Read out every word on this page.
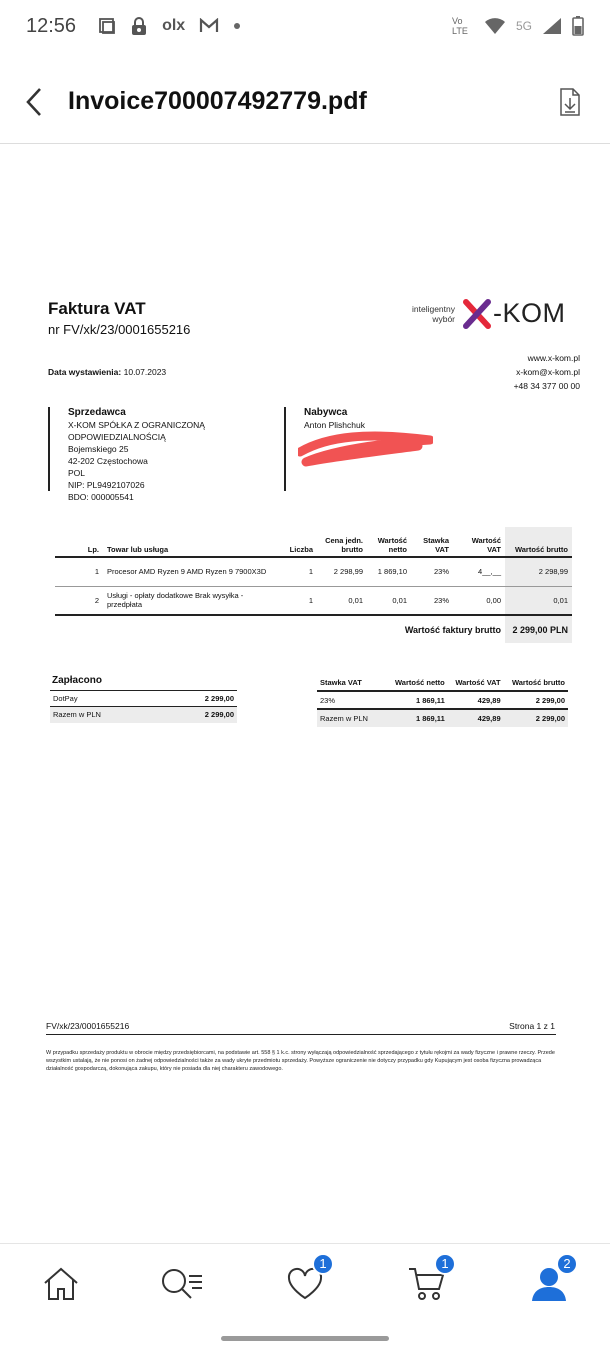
12:56	olx	Vo LTE	5G
Invoice700007492779.pdf
Faktura VAT
nr FV/xk/23/0001655216
Data wystawienia: 10.07.2023
inteligentny
wybór -KOM
www.x-kom.pl
x-kom@x-kom.pl
+48 34 377 00 00
Sprzedawca
X-KOM SPÓŁKA Z OGRANICZONĄ
ODPOWIEDZIALNOŚCIĄ
Bojemskiego 25
42-202 Częstochowa
POL
NIP: PL9492107026
BDO: 000005541
Nabywca
Anton Plishchuk
Lp.	Towar lub usługa	Liczba	Cena jedn. brutto	Wartość netto	Stawka VAT	Wartość VAT	Wartość brutto
1	Procesor AMD Ryzen 9 AMD Ryzen 9 7900X3D	1	2 298,99	1 869,10	23%	4__,__	2 298,99
2	Usługi - opłaty dodatkowe Brak wysyłka - przedpłata	1	0,01	0,01	23%	0,00	0,01
Wartość faktury brutto							2 299,00 PLN
Zapłacono
DotPay	2 299,00
Razem w PLN	2 299,00
Stawka VAT	Wartość netto	Wartość VAT	Wartość brutto
23%	1 869,11	429,89	2 299,00
Razem w PLN	1 869,11	429,89	2 299,00
FV/xk/23/0001655216	Strona 1 z 1
W przypadku sprzedaży produktu w obrocie między przedsiębiorcami, na podstawie art. 558 § 1 k.c. strony wyłączają odpowiedzialność sprzedającego z tytułu rękojmi za wady fizyczne i prawne rzeczy. Przede wszystkim ustalają, że nie ponosi on żadnej odpowiedzialności także za wady ukryte przedmiotu sprzedaży. Powyższe ograniczenie nie dotyczy przypadku gdy Kupującym jest osoba fizyczna prowadząca działalność gospodarczą, dokonująca zakupu, który nie posiada dla niej charakteru zawodowego.
1	1	2
